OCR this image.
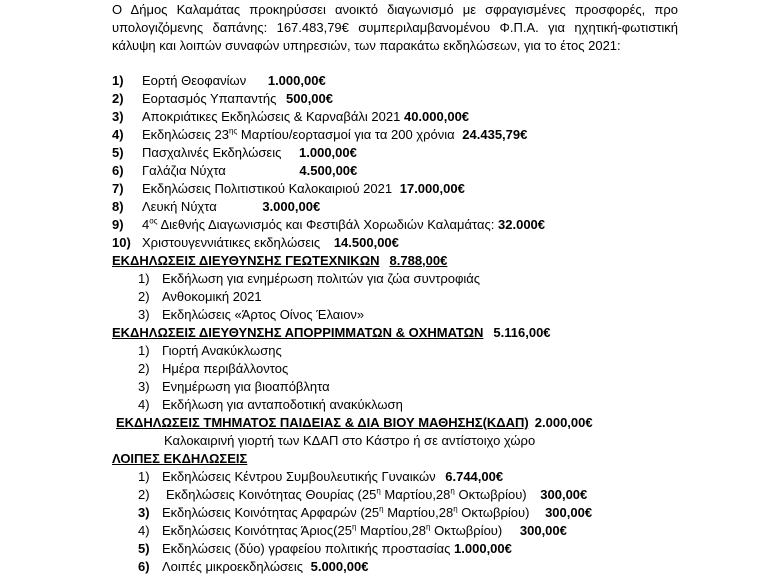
Ο Δήμος Καλαμάτας προκηρύσσει ανοικτό διαγωνισμό με σφραγισμένες προσφορές, προ υπολογιζόμενης δαπάνης: 167.483,79€ συμπεριλαμβανομένου Φ.Π.Α. για ηχητική-φωτιστική κάλυψη και λοιπών συναφών υπηρεσιών, των παρακάτω εκδηλώσεων, για το έτος 2021:

1) Εορτή Θεοφανίων 1.000,00€
2) Εορτασμός Υπαπαντής 500,00€
3) Αποκριάτικες Εκδηλώσεις & Καρναβάλι 2021 40.000,00€
4) Εκδηλώσεις $23^{\eta\varsigma}$ Μαρτίου/εορτασμοί για τα 200 χρόνια 24.435,79€
5) Πασχαλινές Εκδηλώσεις 1.000,00€
6) Γαλάζια Νύχτα	4.500,00€
7) Εκδηλώσεις Πολιτιστικού Καλοκαιριού 2021 17.000,00€
8) Λευκή Νύχτα	3.000,00€
9) $4^{o\varsigma}$ Διεθνής Διαγωνισμός και Φεστιβάλ Χορωδιών Καλαμάτας: 32.000€
10) Χριστουγεννιάτικες εκδηλώσεις 14.500,00€
ΕΚΔΗΛΩΣΕΙΣ ΔΙΕΥΘΥΝΣΗΣ ΓΕΩΤΕΧΝΙΚΩΝ 8.788,00€
1) Εκδήλωση για ενημέρωση πολιτών για ζώα συντροφιάς
2) Ανθοκομική 2021
3) Εκδηλώσεις «Άρτος Οίνος Έλαιον»
ΕΚΔΗΛΩΣΕΙΣ ΔΙΕΥΘΥΝΣΗΣ ΑΠΟΡΡΙΜΜΑΤΩΝ & ΟΧΗΜΑΤΩΝ 5.116,00€
1) Γιορτή Ανακύκλωσης
2) Ημέρα περιβάλλοντος
3) Ενημέρωση για βιοαπόβλητα
4) Εκδήλωση για ανταποδοτική ανακύκλωση
ΕΚΔΗΛΩΣΕΙΣ ΤΜΗΜΑΤΟΣ ΠΑΙΔΕΙΑΣ & ΔΙΑ ΒΙΟΥ ΜΑΘΗΣΗΣ(ΚΔΑΠ) 2.000,00€
Καλοκαιρινή γιορτή των ΚΔΑΠ στο Κάστρο ή σε αντίστοιχο χώρο
ΛΟΙΠΕΣ ΕΚΔΗΛΩΣΕΙΣ
1) Εκδηλώσεις Κέντρου Συμβουλευτικής Γυναικών 6.744,00€
2) Εκδηλώσεις Κοινότητας Θουρίας ($25^\eta$ $M\alpha\rho\tau ίo\upsilon,28^\eta$ Οκτωβρίου) 300,00€
3) Εκδηλώσεις Κοινότητας Αρφαρών ($25^\eta$ $M\alpha\rho\tau ίo\upsilon,28^\eta$ Οκτωβρίου) 300,00€
4) Εκδηλώσεις Κοινότητας $Ά\rho\iota o\varsigma(25^\eta$ $M\alpha\rho\tau ίo\upsilon,28^\eta$ Οκτωβρίου) 300,00€
5) Εκδηλώσεις (δύο) γραφείου πολιτικής προστασίας 1.000,00€
6) Λοιπές μικροεκδηλώσεις 5.000,00€
